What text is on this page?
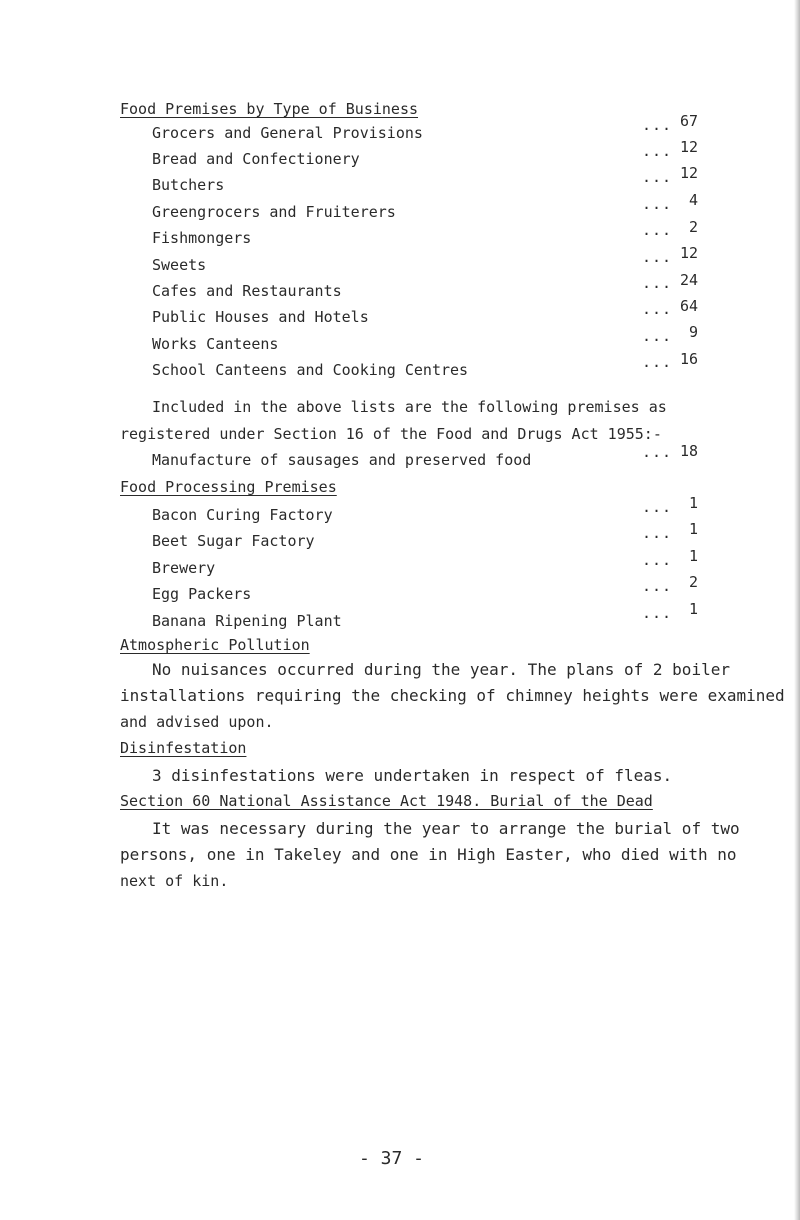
Food Premises by Type of Business
Grocers and General Provisions	... 67
Bread and Confectionery	... 12
Butchers	... 12
Greengrocers and Fruiterers	...	4
Fishmongers	...	2
Sweets	... 12
Cafes and Restaurants	... 24
Public Houses and Hotels	... 64
Works Canteens	...	9
School Canteens and Cooking Centres	... 16
Included in the above lists are the following premises as
registered under Section 16 of the Food and Drugs Act 1955:-
Manufacture of sausages and preserved food	... 18
Food Processing Premises
Bacon Curing Factory	...	1
Beet Sugar Factory	...	1
Brewery	...	1
Egg Packers	...	2
Banana Ripening Plant	...	1
Atmospheric Pollution
No nuisances occurred during the year. The plans of 2 boiler
installations requiring the checking of chimney heights were examined
and advised upon.
Disinfestation
3 disinfestations were undertaken in respect of fleas.
Section 60 National Assistance Act 1948. Burial of the Dead
It was necessary during the year to arrange the burial of two
persons, one in Takeley and one in High Easter, who died with no
next of kin.
- 37 -
